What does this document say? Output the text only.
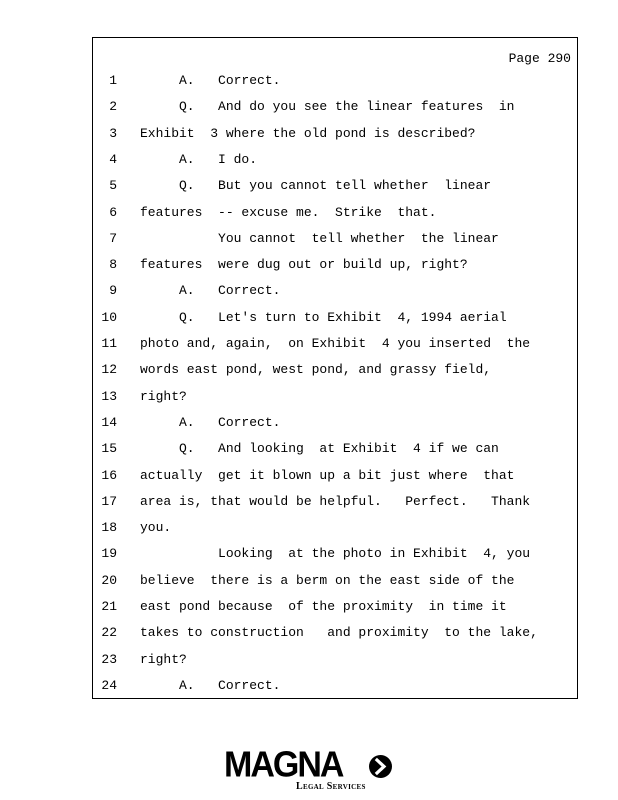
Page 290
1 A.   Correct.
2 Q.   And do you see the linear features  in
3 Exhibit  3 where the old pond is described?
4 A.   I do.
5 Q.   But you cannot tell whether  linear
6 features  -- excuse me.  Strike  that.
7 You cannot  tell whether  the linear
8 features  were dug out or build up, right?
9 A.   Correct.
10 Q.   Let's turn to Exhibit  4, 1994 aerial
11 photo and, again,  on Exhibit  4 you inserted  the
12 words east pond, west pond, and grassy field,
13 right?
14 A.   Correct.
15 Q.   And looking  at Exhibit  4 if we can
16 actually  get it blown up a bit just where  that
17 area is, that would be helpful.   Perfect.   Thank
18 you.
19 Looking  at the photo in Exhibit  4, you
20 believe  there is a berm on the east side of the
21 east pond because  of the proximity  in time it
22 takes to construction   and proximity  to the lake,
23 right?
24 A.   Correct.
MAGNA
Legal Services
